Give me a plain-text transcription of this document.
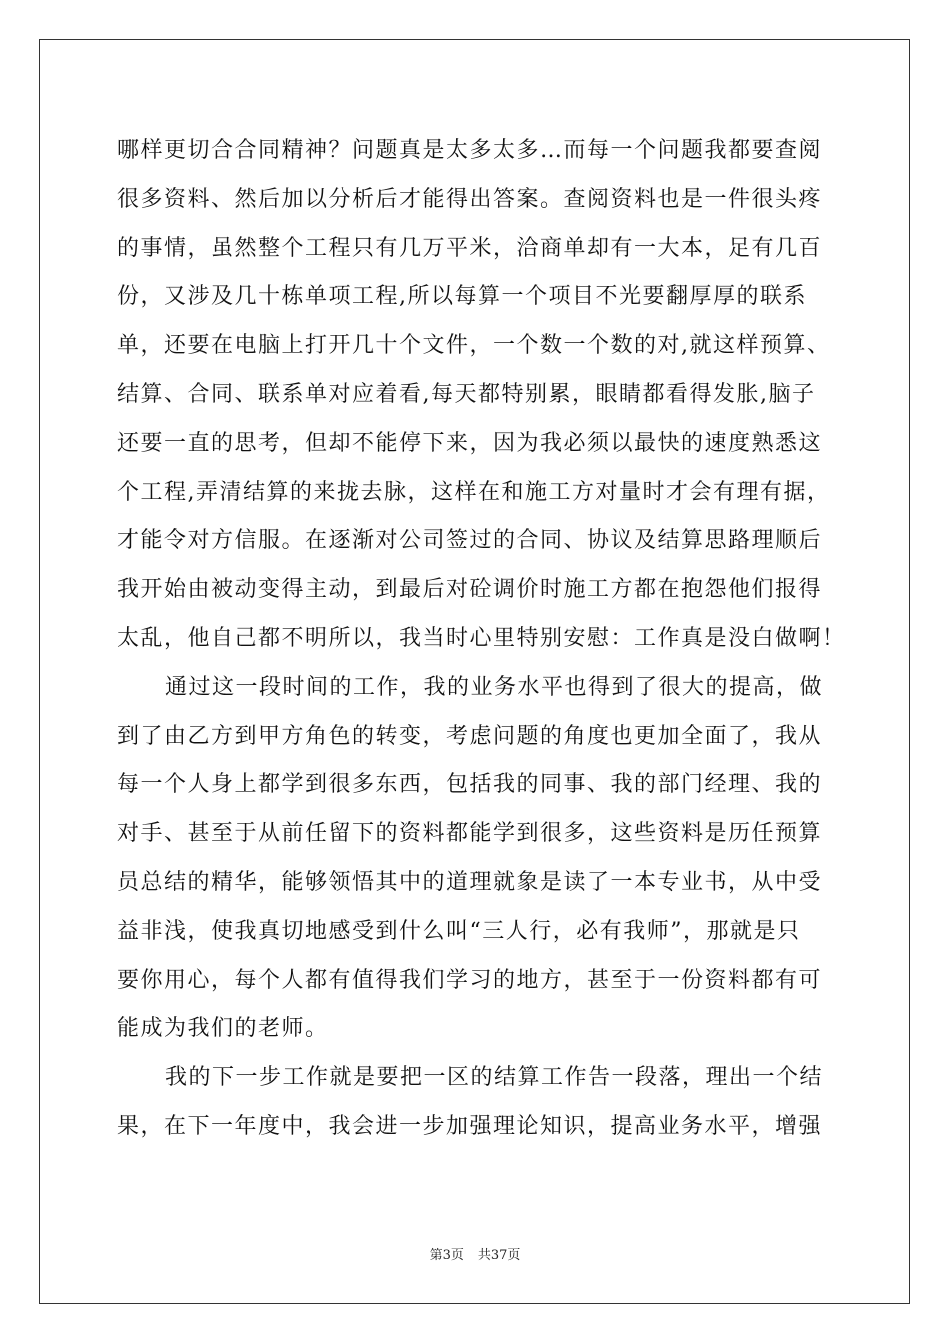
哪样更切合合同精神？问题真是太多太多…而每一个问题我都要查阅
很多资料、然后加以分析后才能得出答案。查阅资料也是一件很头疼
的事情，虽然整个工程只有几万平米，洽商单却有一大本，足有几百
份，又涉及几十栋单项工程,所以每算一个项目不光要翻厚厚的联系
单，还要在电脑上打开几十个文件，一个数一个数的对,就这样预算、
结算、合同、联系单对应着看,每天都特别累，眼睛都看得发胀,脑子
还要一直的思考，但却不能停下来，因为我必须以最快的速度熟悉这
个工程,弄清结算的来拢去脉，这样在和施工方对量时才会有理有据，
才能令对方信服。在逐渐对公司签过的合同、协议及结算思路理顺后
我开始由被动变得主动，到最后对砼调价时施工方都在抱怨他们报得
太乱，他自己都不明所以，我当时心里特别安慰：工作真是没白做啊！
通过这一段时间的工作，我的业务水平也得到了很大的提高，做
到了由乙方到甲方角色的转变，考虑问题的角度也更加全面了，我从
每一个人身上都学到很多东西，包括我的同事、我的部门经理、我的
对手、甚至于从前任留下的资料都能学到很多，这些资料是历任预算
员总结的精华，能够领悟其中的道理就象是读了一本专业书，从中受
益非浅，使我真切地感受到什么叫“三人行，必有我师”，那就是只
要你用心，每个人都有值得我们学习的地方，甚至于一份资料都有可
能成为我们的老师。
我的下一步工作就是要把一区的结算工作告一段落，理出一个结
果，在下一年度中，我会进一步加强理论知识，提高业务水平，增强
第3页 共37页
